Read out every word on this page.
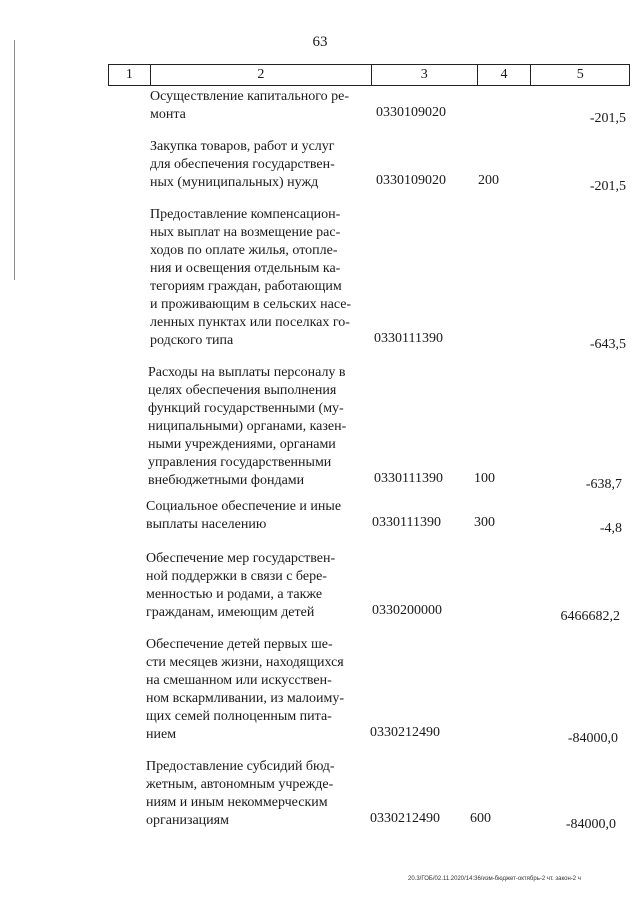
63
1	2	3	4	5
Осуществление капитального ре-
монта	0330109020	-201,5
Закупка товаров, работ и услуг
для обеспечения государствен-
ных (муниципальных) нужд	0330109020 200	-201,5
Предоставление компенсацион-
ных выплат на возмещение рас-
ходов по оплате жилья, отопле-
ния и освещения отдельным ка-
тегориям граждан, работающим
и проживающим в сельских насе-
ленных пунктах или поселках го-
родского типа	0330111390	-643,5
Расходы на выплаты персоналу в
целях обеспечения выполнения
функций государственными (му-
ниципальными) органами, казен-
ными учреждениями, органами
управления государственными
внебюджетными фондами	0330111390 100	-638,7
Социальное обеспечение и иные
выплаты населению	0330111390 300	-4,8
Обеспечение мер государствен-
ной поддержки в связи с бере-
менностью и родами, а также
гражданам, имеющим детей	0330200000	6466682,2
Обеспечение детей первых ше-
сти месяцев жизни, находящихся
на смешанном или искусствен-
ном вскармливании, из малоиму-
щих семей полноценным пита-
нием	0330212490	-84000,0
Предоставление субсидий бюд-
жетным, автономным учрежде-
ниям и иным некоммерческим
организациям	0330212490 600	-84000,0
20.3/ГОБ/02.11.2020/14:36/изм-бюджет-октябрь-2 чт. закон-2 ч
